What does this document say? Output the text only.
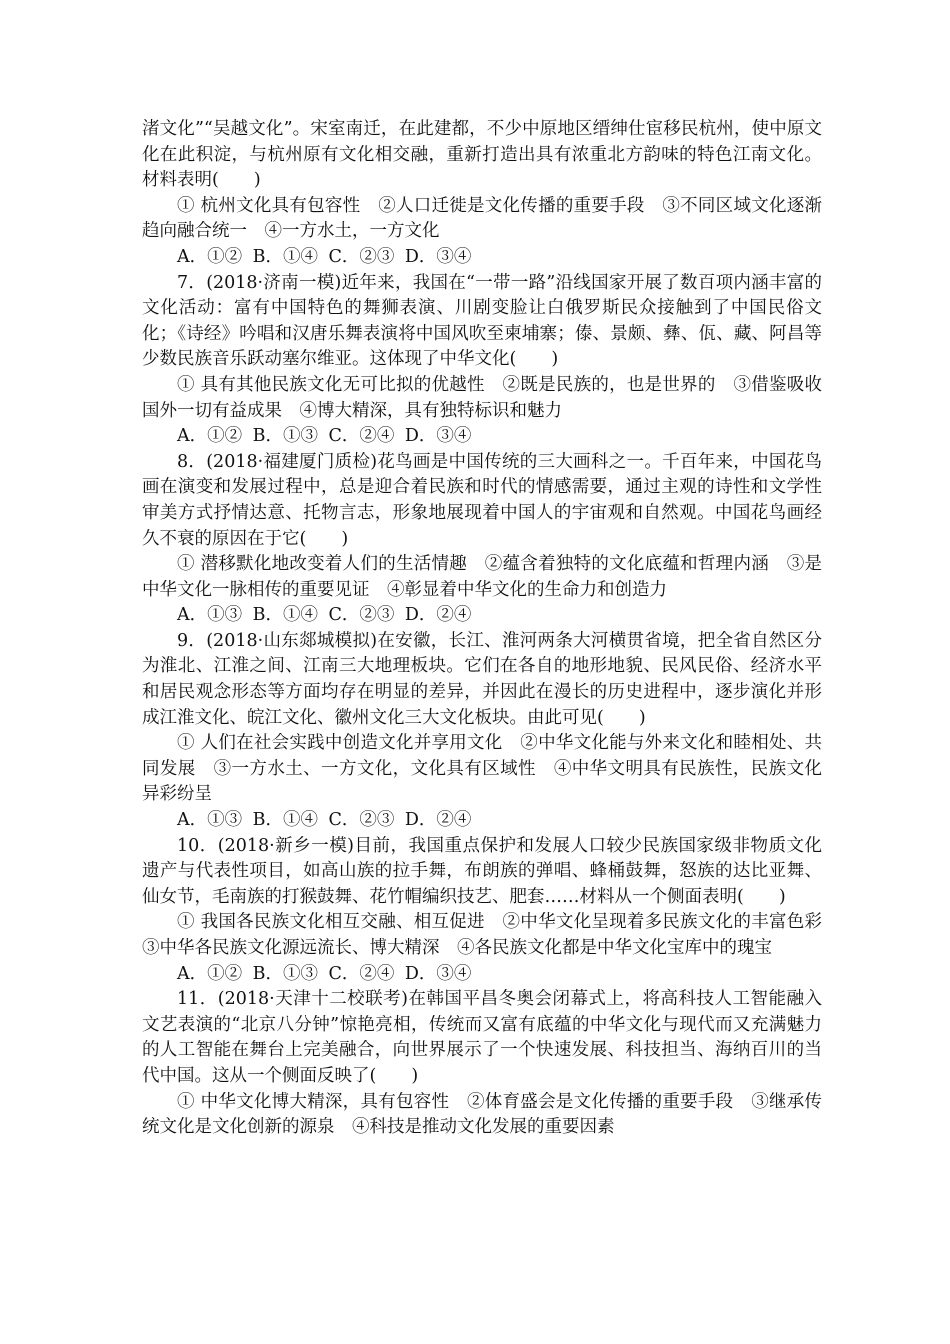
渚文化”“吴越文化”。宋室南迁，在此建都，不少中原地区缙绅仕宦移民杭州，使中原文化在此积淀，与杭州原有文化相交融，重新打造出具有浓重北方韵味的特色江南文化。材料表明(　　)

① 杭州文化具有包容性　②人口迁徙是文化传播的重要手段　③不同区域文化逐渐趋向融合统一　④一方水土，一方文化

A．①② B．①④ C．②③ D．③④

7．(2018·济南一模)近年来，我国在“一带一路”沿线国家开展了数百项内涵丰富的文化活动：富有中国特色的舞狮表演、川剧变脸让白俄罗斯民众接触到了中国民俗文化；《诗经》吟唱和汉唐乐舞表演将中国风吹至柬埔寨；傣、景颇、彝、佤、藏、阿昌等少数民族音乐跃动塞尔维亚。这体现了中华文化(　　)

① 具有其他民族文化无可比拟的优越性　②既是民族的，也是世界的　③借鉴吸收国外一切有益成果　④博大精深，具有独特标识和魅力

A．①② B．①③ C．②④ D．③④

8．(2018·福建厦门质检)花鸟画是中国传统的三大画科之一。千百年来，中国花鸟画在演变和发展过程中，总是迎合着民族和时代的情感需要，通过主观的诗性和文学性审美方式抒情达意、托物言志，形象地展现着中国人的宇宙观和自然观。中国花鸟画经久不衰的原因在于它(　　)

① 潜移默化地改变着人们的生活情趣　②蕴含着独特的文化底蕴和哲理内涵　③是中华文化一脉相传的重要见证　④彰显着中华文化的生命力和创造力

A．①③ B．①④ C．②③ D．②④

9．(2018·山东郯城模拟)在安徽，长江、淮河两条大河横贯省境，把全省自然区分为淮北、江淮之间、江南三大地理板块。它们在各自的地形地貌、民风民俗、经济水平和居民观念形态等方面均存在明显的差异，并因此在漫长的历史进程中，逐步演化并形成江淮文化、皖江文化、徽州文化三大文化板块。由此可见(　　)

① 人们在社会实践中创造文化并享用文化　②中华文化能与外来文化和睦相处、共同发展　③一方水土、一方文化，文化具有区域性　④中华文明具有民族性，民族文化异彩纷呈

A．①③ B．①④ C．②③ D．②④

10．(2018·新乡一模)目前，我国重点保护和发展人口较少民族国家级非物质文化遗产与代表性项目，如高山族的拉手舞，布朗族的弹唱、蜂桶鼓舞，怒族的达比亚舞、仙女节，毛南族的打猴鼓舞、花竹帽编织技艺、肥套……材料从一个侧面表明(　　)

① 我国各民族文化相互交融、相互促进　②中华文化呈现着多民族文化的丰富色彩　③中华各民族文化源远流长、博大精深　④各民族文化都是中华文化宝库中的瑰宝

A．①② B．①③ C．②④ D．③④

11．(2018·天津十二校联考)在韩国平昌冬奥会闭幕式上，将高科技人工智能融入文艺表演的“北京八分钟”惊艳亮相，传统而又富有底蕴的中华文化与现代而又充满魅力的人工智能在舞台上完美融合，向世界展示了一个快速发展、科技担当、海纳百川的当代中国。这从一个侧面反映了(　　)

① 中华文化博大精深，具有包容性　②体育盛会是文化传播的重要手段　③继承传统文化是文化创新的源泉　④科技是推动文化发展的重要因素
